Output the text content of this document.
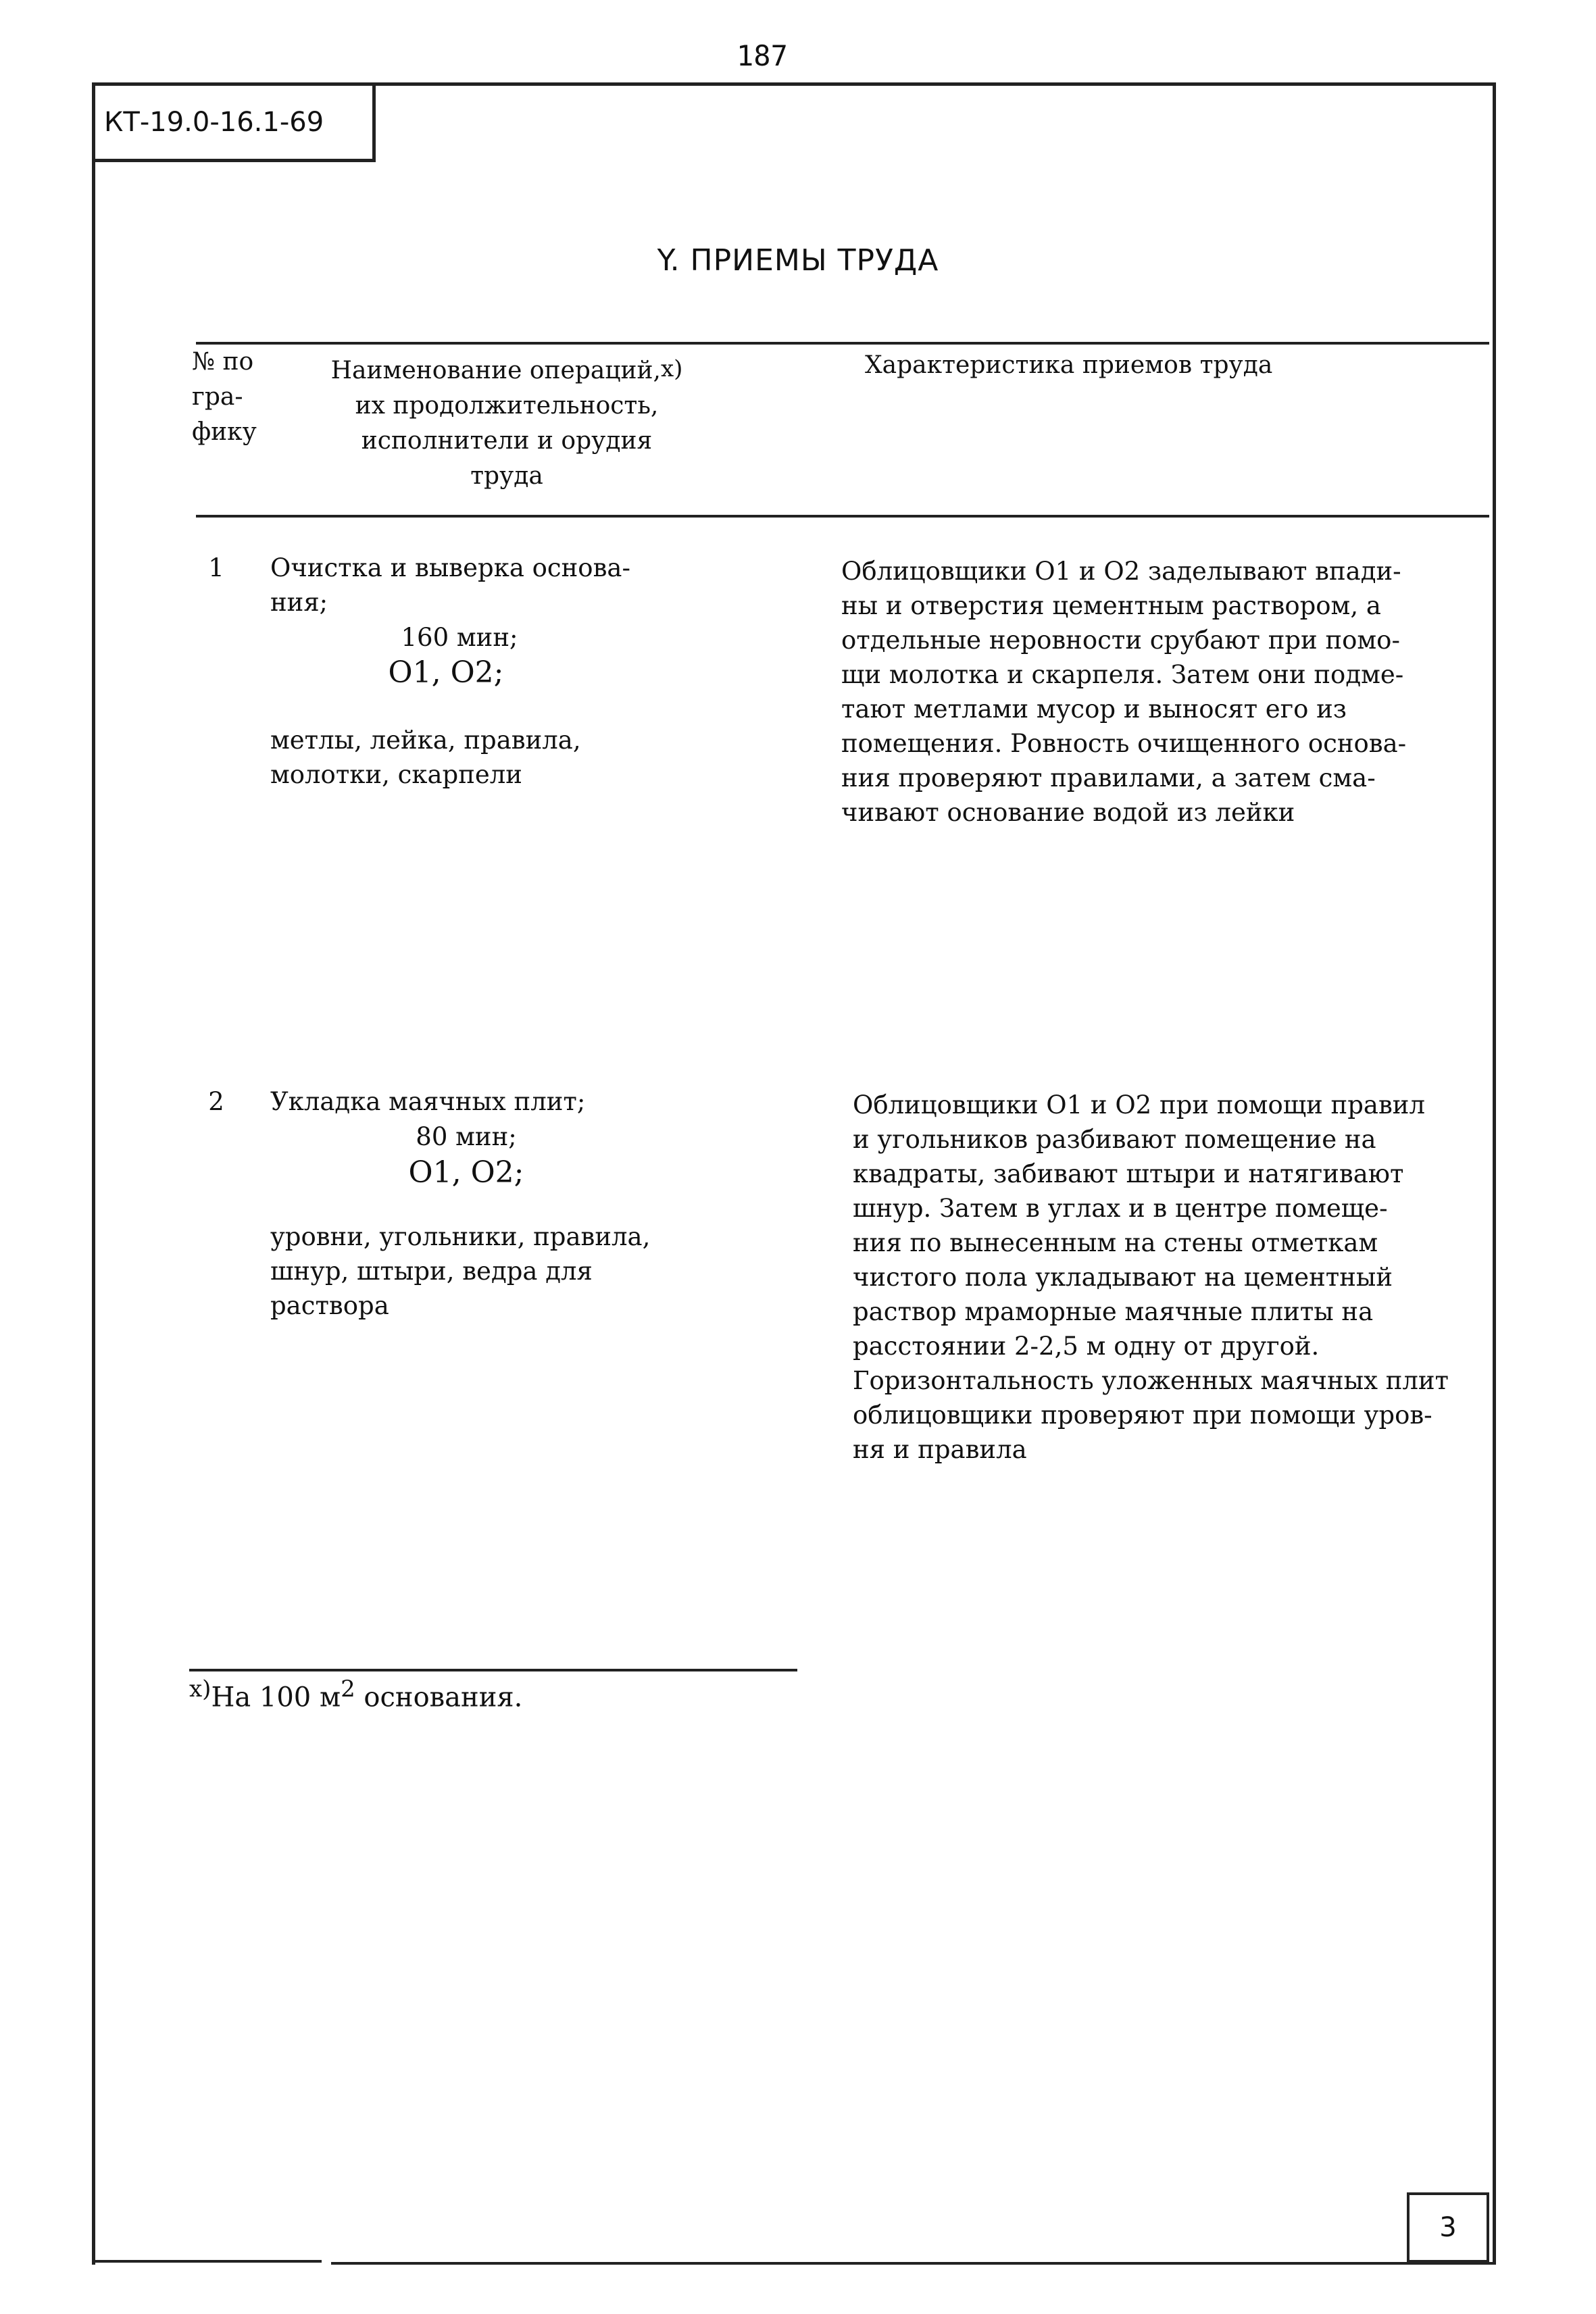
187
КТ-19.0-16.1-69
Y. ПРИЕМЫ ТРУДА
№ по
гра-
фику
Наименование операций,$^{x)}$
их продолжительность,
исполнители и орудия
труда
Характеристика приемов труда
1 Очистка и выверка основа-
ния;
160 мин;
O1, O2;
метлы, лейка, правила,
молотки, скарпели
Облицовщики O1 и O2 заделывают впади-
ны и отверстия цементным раствором, а
отдельные неровности срубают при помо-
щи молотка и скарпеля. Затем они подме-
тают метлами мусор и выносят его из
помещения. Ровность очищенного основа-
ния проверяют правилами, а затем сма-
чивают основание водой из лейки
2 Укладка маячных плит;
80 мин;
O1, O2;
уровни, угольники, правила,
шнур, штыри, ведра для
раствора
Облицовщики O1 и O2 при помощи правил
и угольников разбивают помещение на
квадраты, забивают штыри и натягивают
шнур. Затем в углах и в центре помеще-
ния по вынесенным на стены отметкам
чистого пола укладывают на цементный
раствор мраморные маячные плиты на
расстоянии 2-2,5 м одну от другой.
Горизонтальность уложенных маячных плит
облицовщики проверяют при помощи уров-
ня и правила
$^{x)}$На 100 $м^2$ основания.
3
